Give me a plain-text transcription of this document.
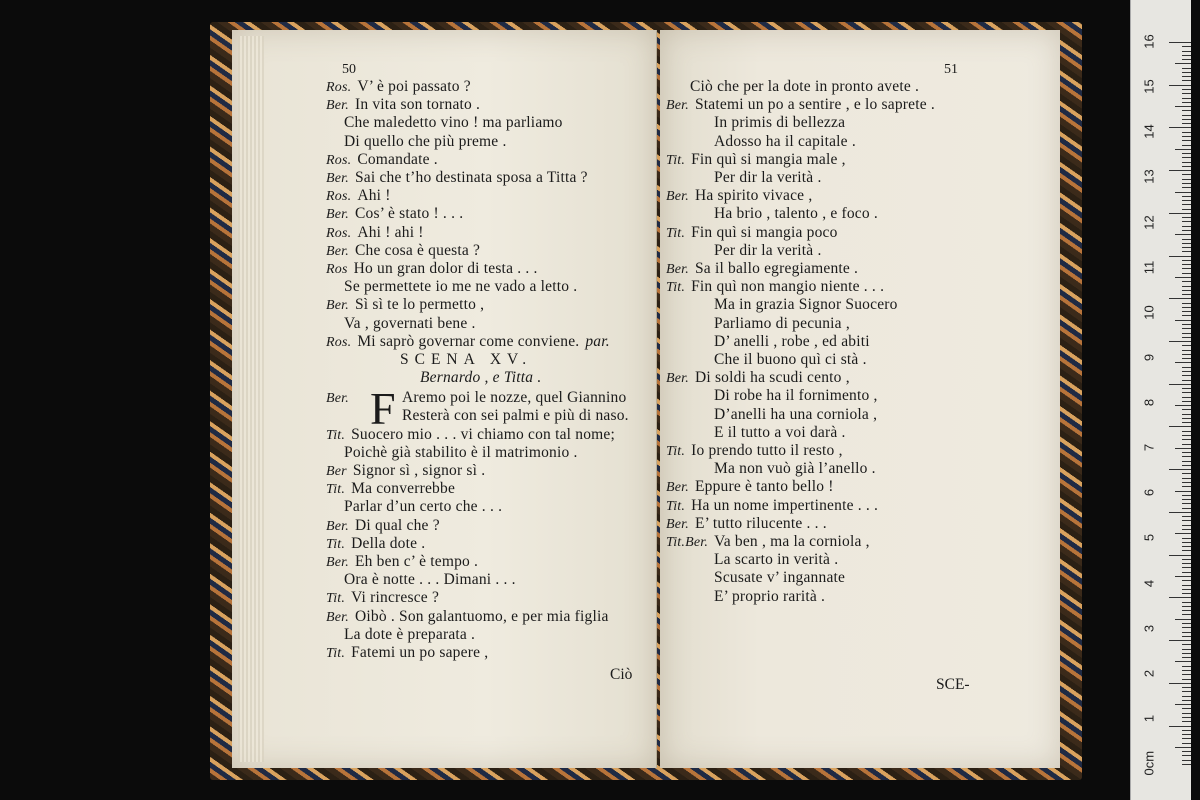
50
Ros. V’ è poi passato ?
Ber. In vita son tornato .
Che maledetto vino ! ma parliamo
Di quello che più preme .
Ros. Comandate .
Ber. Sai che t’ho destinata sposa a Titta ?
Ros. Ahi !
Ber. Cos’ è stato ! . . .
Ros. Ahi ! ahi !
Ber. Che cosa è questa ?
Ros Ho un gran dolor di testa . . .
Se permettete io me ne vado a letto .
Ber. Sì sì te lo permetto ,
Va , governati bene .
Ros. Mi saprò governar come conviene. par.
SCENA XV.
Bernardo , e Titta .
F
Ber.	Aremo poi le nozze, quel Giannino
Resterà con sei palmi e più di naso.
Tit. Suocero mio . . . vi chiamo con tal nome;
Poichè già stabilito è il matrimonio .
Ber Signor sì , signor sì .
Tit. Ma converrebbe
Parlar d’un certo che . . .
Ber. Di qual che ?
Tit. Della dote .
Ber. Eh ben c’ è tempo .
Ora è notte . . . Dimani . . .
Tit. Vi rincresce ?
Ber. Oibò . Son galantuomo, e per mia figlia
La dote è preparata .
Tit. Fatemi un po sapere ,
Ciò
51
Ciò che per la dote in pronto avete .
Ber. Statemi un po a sentire , e lo saprete .
In primis di bellezza
Adosso ha il capitale .
Tit. Fin quì si mangia male ,
Per dir la verità .
Ber. Ha spirito vivace ,
Ha brio , talento , e foco .
Tit. Fin quì si mangia poco
Per dir la verità .
Ber. Sa il ballo egregiamente .
Tit. Fin quì non mangio niente . . .
Ma in grazia Signor Suocero
Parliamo di pecunia ,
D’ anelli , robe , ed abiti
Che il buono quì ci stà .
Ber. Di soldi ha scudi cento ,
Di robe ha il fornimento ,
D’anelli ha una corniola ,
E il tutto a voi darà .
Tit. Io prendo tutto il resto ,
Ma non vuò già l’anello .
Ber. Eppure è tanto bello !
Tit. Ha un nome impertinente . . .
Ber. E’ tutto rilucente . . .
Tit.Ber. Va ben , ma la corniola ,
La scarto in verità .
Scusate v’ ingannate
E’ proprio rarità .
SCE-
16
15
14
13
12
11
10
9
8
7
6
5
4
3
2
1
0cm
